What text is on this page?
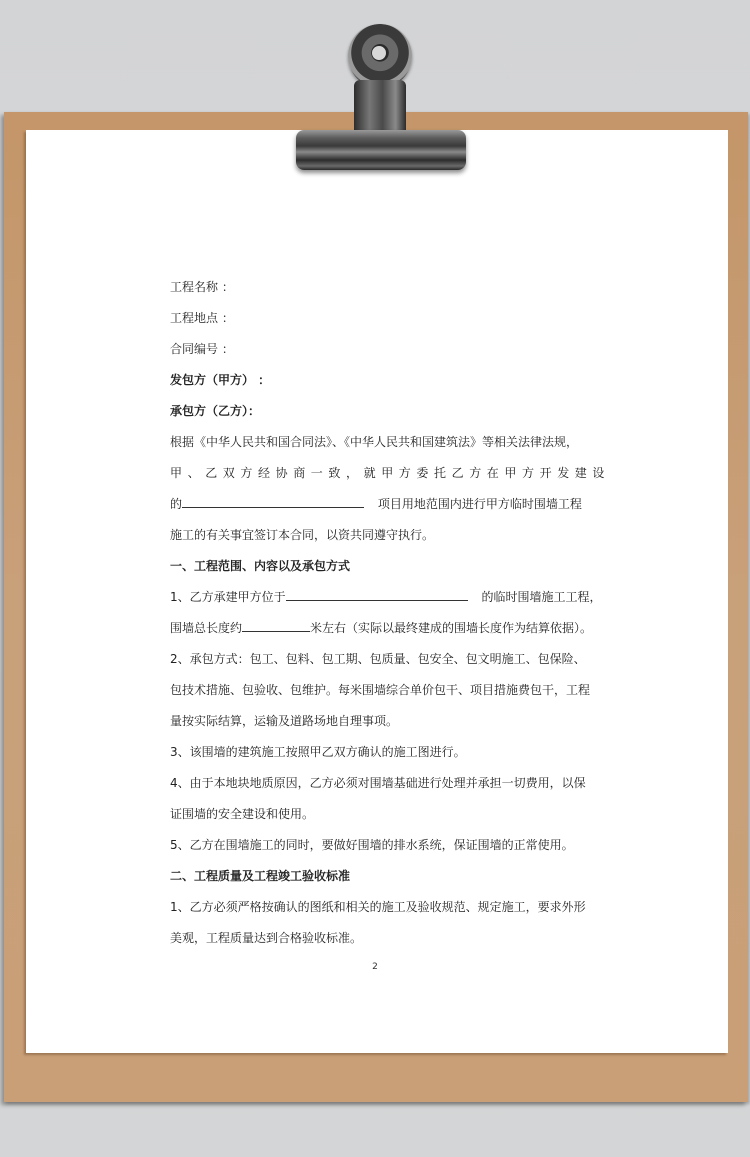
工程名称 ：
工程地点 ：
合同编号 ：
发包方（甲方） ：
承包方（乙方）：
根据《中华人民共和国合同法》、《中华人民共和国建筑法》等相关法律法规，
甲、乙双方经协商一致，就甲方委托乙方在甲方开发建设
的	项目用地范围内进行甲方临时围墙工程
施工的有关事宜签订本合同，以资共同遵守执行。
一、工程范围、内容以及承包方式
1、乙方承建甲方位于	的临时围墙施工工程，
围墙总长度约	米左右（实际以最终建成的围墙长度作为结算依据）。
2、承包方式：包工、包料、包工期、包质量、包安全、包文明施工、包保险、
包技术措施、包验收、包维护。每米围墙综合单价包干、项目措施费包干，工程
量按实际结算，运输及道路场地自理事项。
3、该围墙的建筑施工按照甲乙双方确认的施工图进行。
4、由于本地块地质原因，乙方必须对围墙基础进行处理并承担一切费用，以保
证围墙的安全建设和使用。
5、乙方在围墙施工的同时，要做好围墙的排水系统，保证围墙的正常使用。
二、工程质量及工程竣工验收标准
1、乙方必须严格按确认的图纸和相关的施工及验收规范、规定施工，要求外形
美观，工程质量达到合格验收标准。
2
